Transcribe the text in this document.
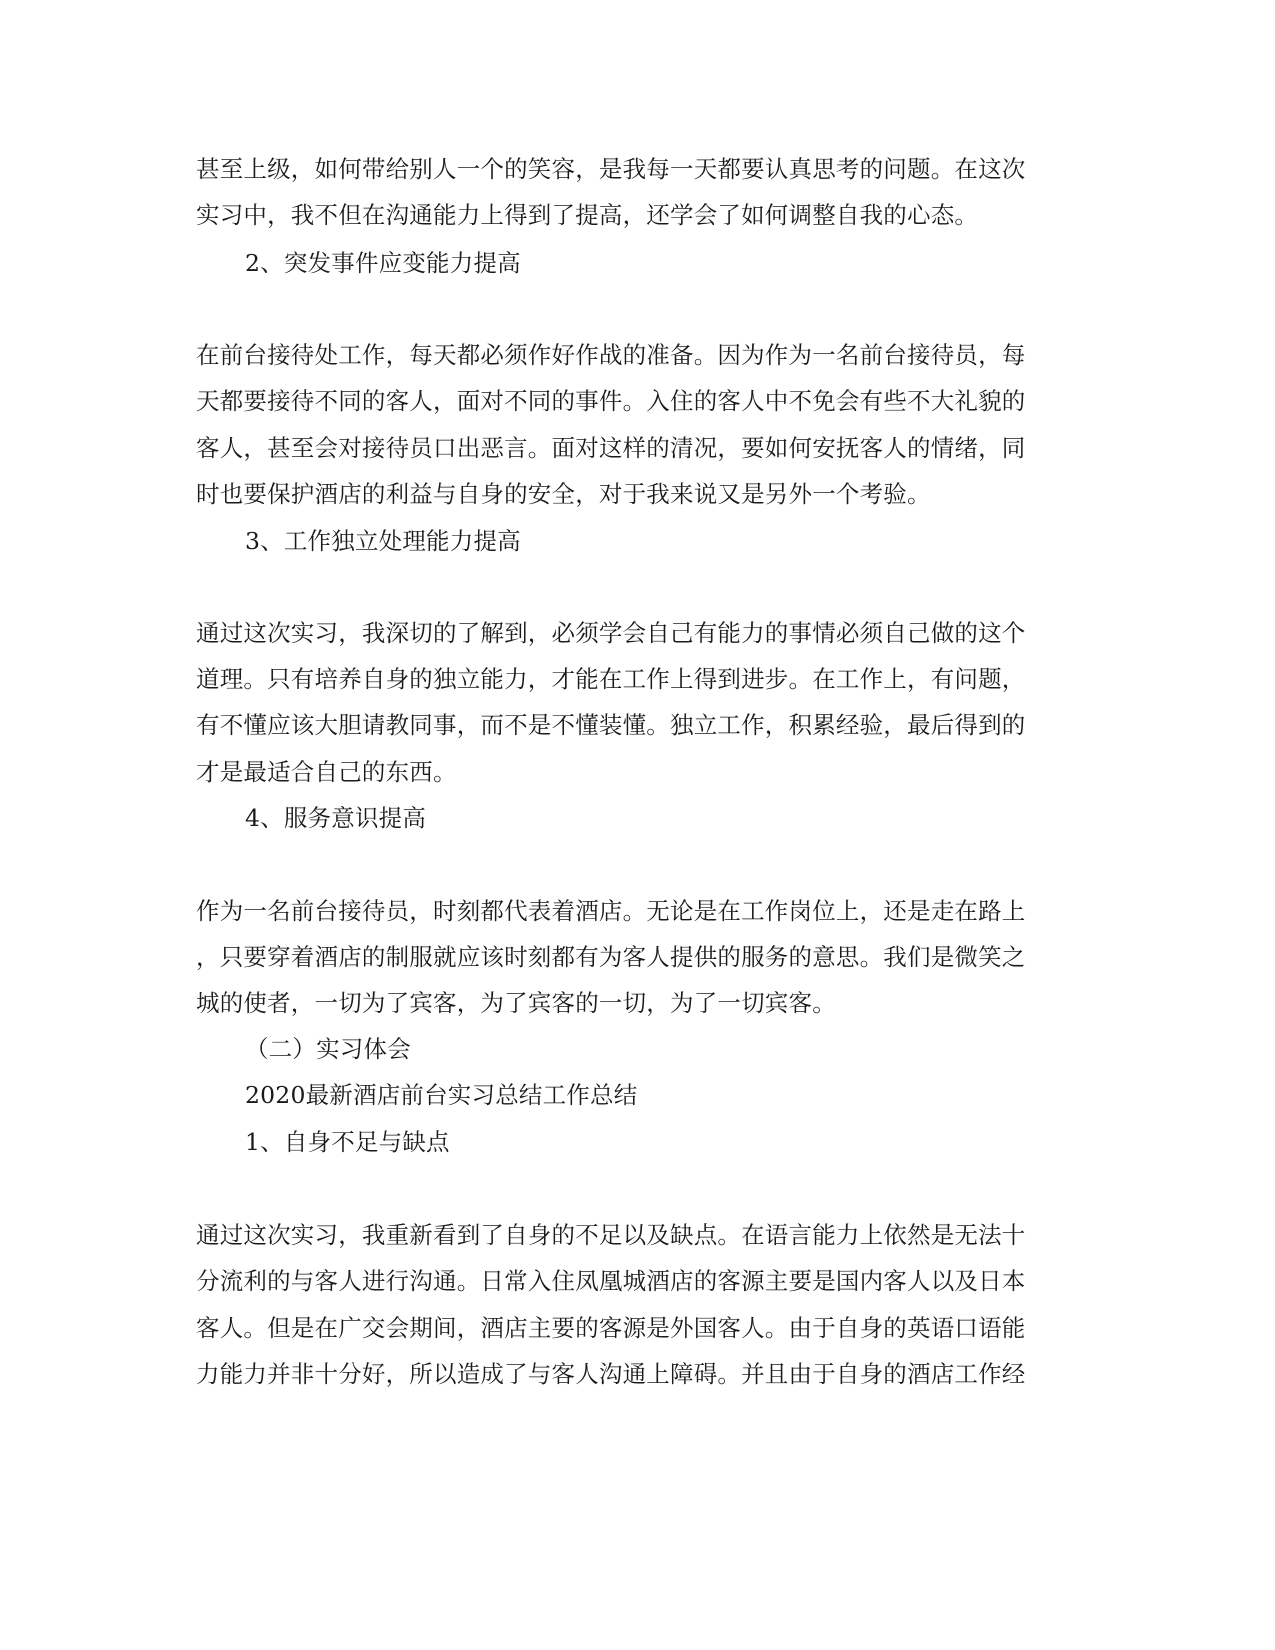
甚至上级，如何带给别人一个的笑容，是我每一天都要认真思考的问题。在这次
实习中，我不但在沟通能力上得到了提高，还学会了如何调整自我的心态。
2、突发事件应变能力提高
在前台接待处工作，每天都必须作好作战的准备。因为作为一名前台接待员，每
天都要接待不同的客人，面对不同的事件。入住的客人中不免会有些不大礼貌的
客人，甚至会对接待员口出恶言。面对这样的清况，要如何安抚客人的情绪，同
时也要保护酒店的利益与自身的安全，对于我来说又是另外一个考验。
3、工作独立处理能力提高
通过这次实习，我深切的了解到，必须学会自己有能力的事情必须自己做的这个
道理。只有培养自身的独立能力，才能在工作上得到进步。在工作上，有问题，
有不懂应该大胆请教同事，而不是不懂装懂。独立工作，积累经验，最后得到的
才是最适合自己的东西。
4、服务意识提高
作为一名前台接待员，时刻都代表着酒店。无论是在工作岗位上，还是走在路上
，只要穿着酒店的制服就应该时刻都有为客人提供的服务的意思。我们是微笑之
城的使者，一切为了宾客，为了宾客的一切，为了一切宾客。
（二）实习体会
2020最新酒店前台实习总结工作总结
1、自身不足与缺点
通过这次实习，我重新看到了自身的不足以及缺点。在语言能力上依然是无法十
分流利的与客人进行沟通。日常入住凤凰城酒店的客源主要是国内客人以及日本
客人。但是在广交会期间，酒店主要的客源是外国客人。由于自身的英语口语能
力能力并非十分好，所以造成了与客人沟通上障碍。并且由于自身的酒店工作经
